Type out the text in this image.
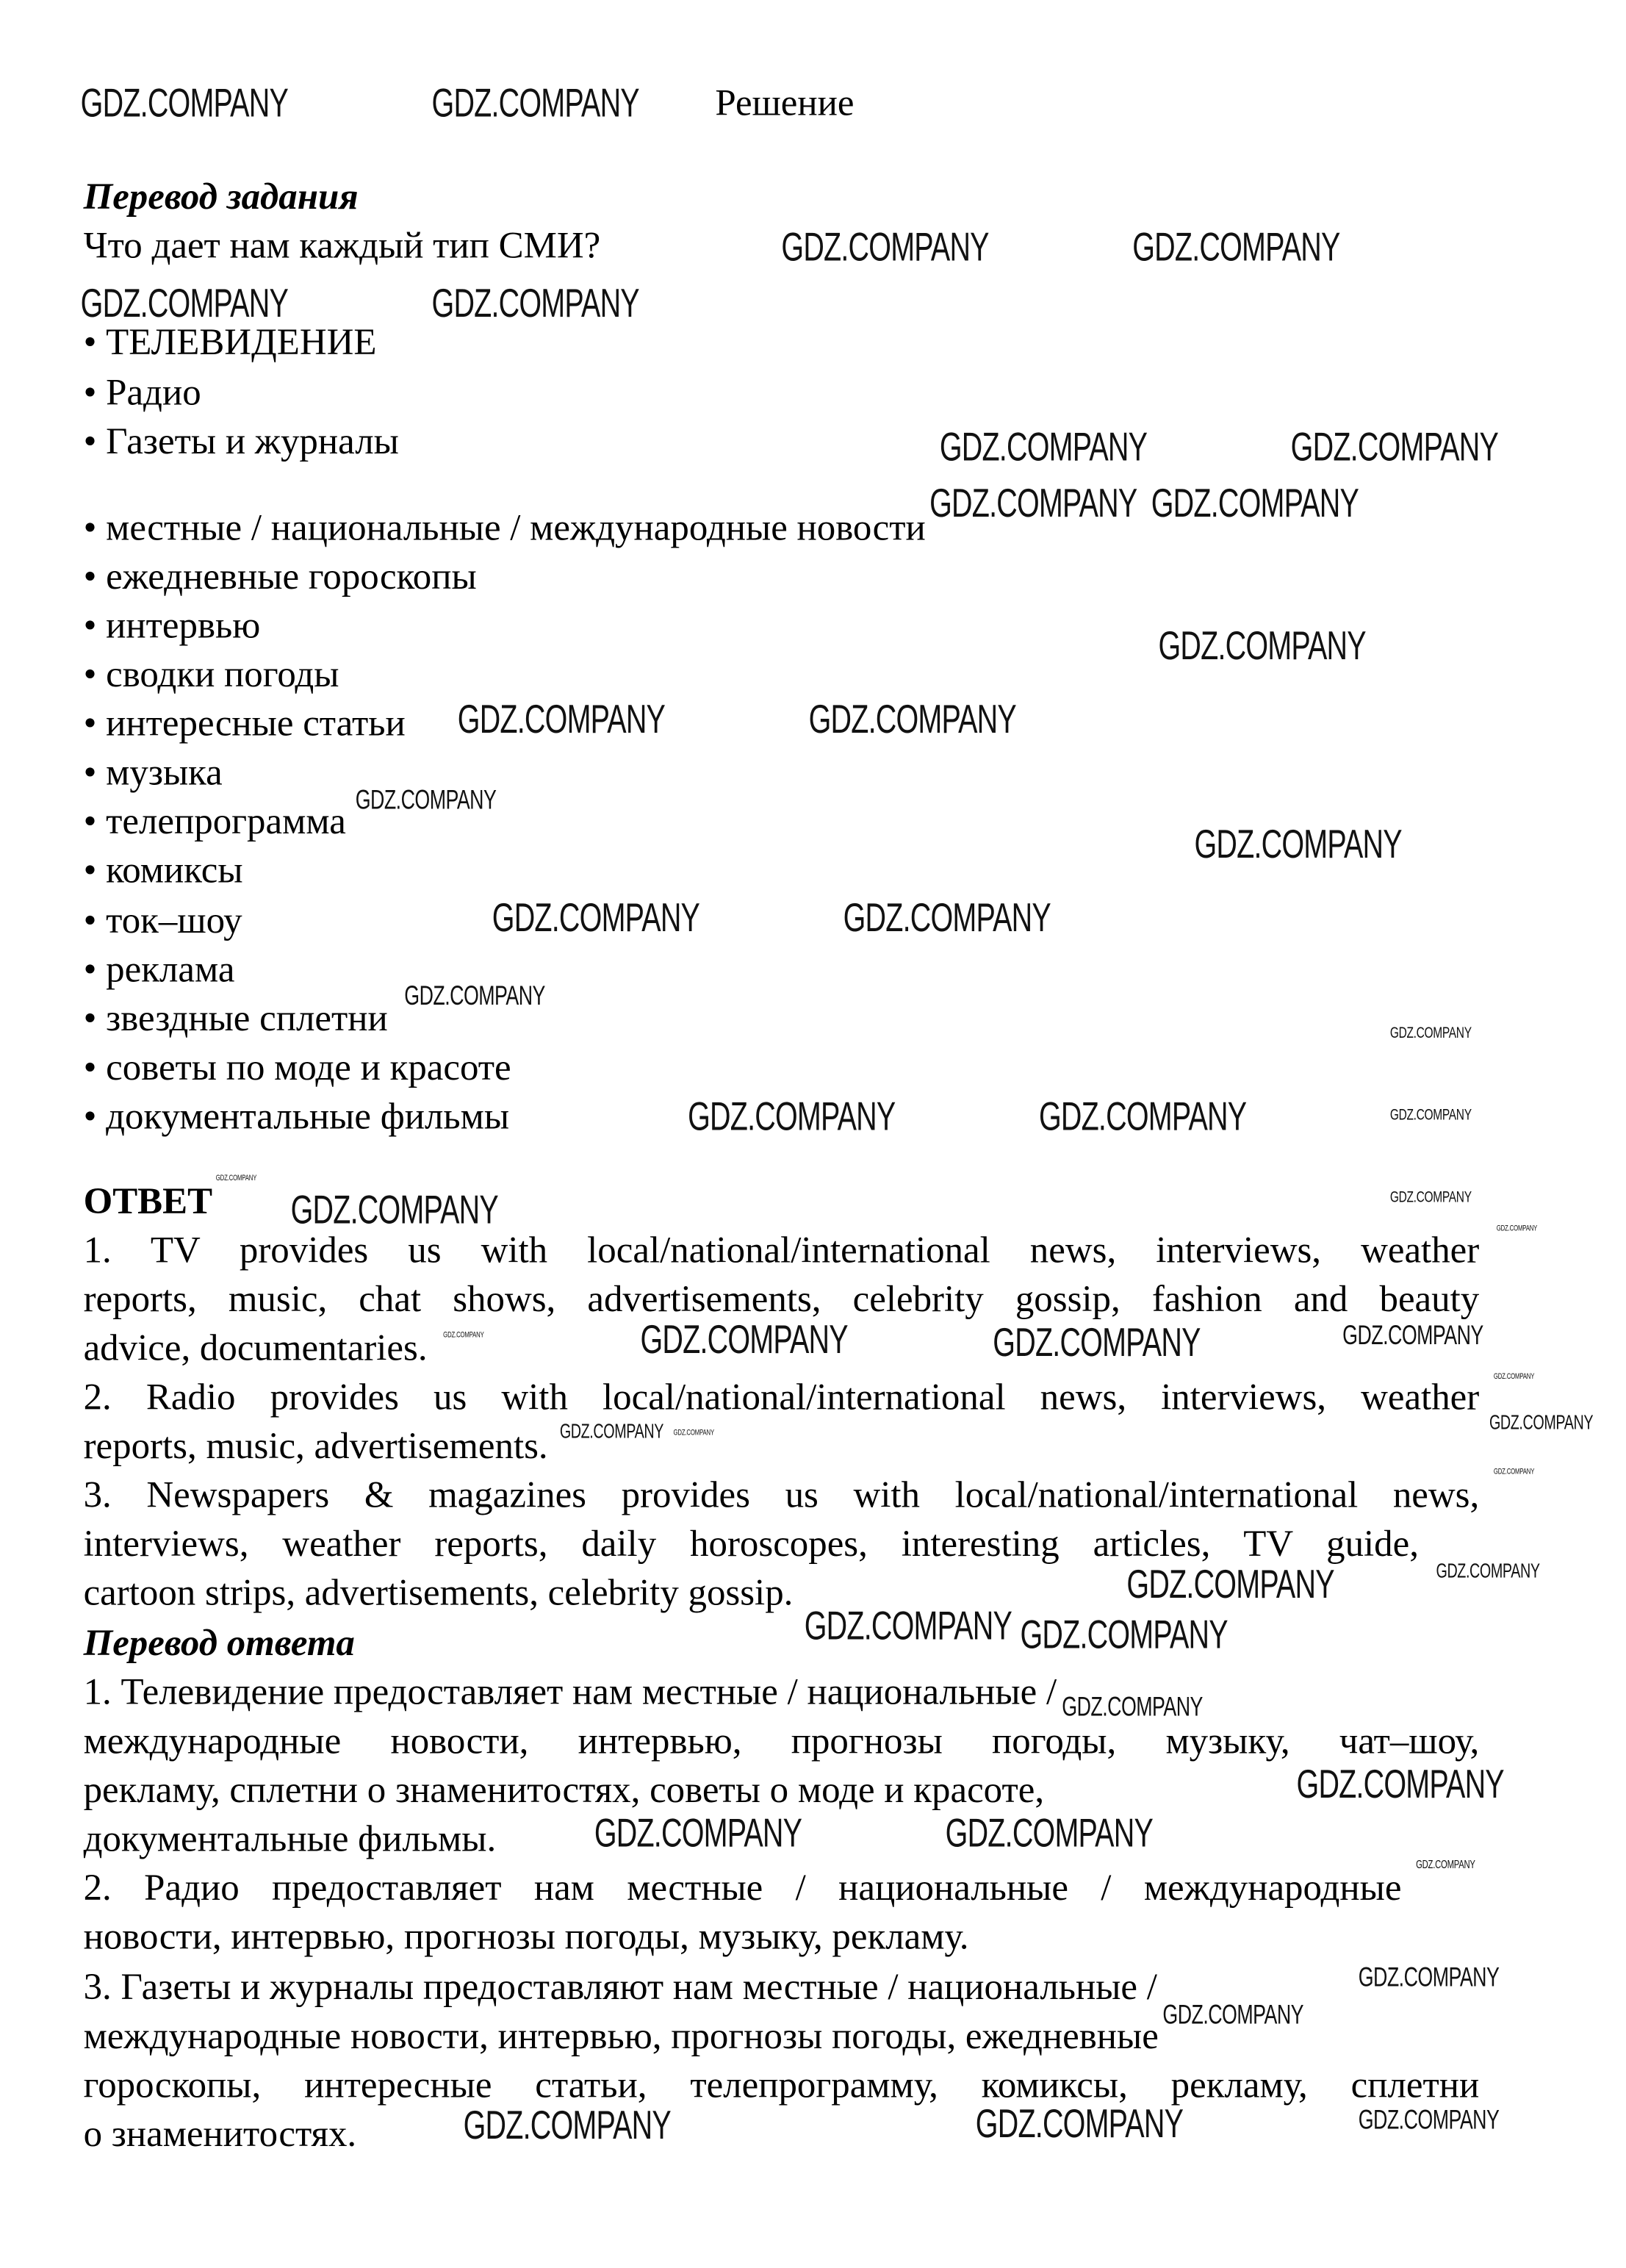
GDZ.COMPANY	GDZ.COMPANY
GDZ.COMPANY	GDZ.COMPANY
GDZ.COMPANY	GDZ.COMPANY
GDZ.COMPANY	GDZ.COMPANY
GDZ.COMPANY GDZ.COMPANY
GDZ.COMPANY
GDZ.COMPANY	GDZ.COMPANY
GDZ.COMPANY
GDZ.COMPANY	GDZ.COMPANY
GDZ.COMPANY	GDZ.COMPANY
GDZ.COMPANY
GDZ.COMPANY	GDZ.COMPANY
GDZ.COMPANY
GDZ.COMPANY GDZ.COMPANY
GDZ.COMPANY
GDZ.COMPANY	GDZ.COMPANY
GDZ.COMPANY	GDZ.COMPANY
GDZ.COMPANY
GDZ.COMPANY
GDZ.COMPANY
GDZ.COMPANY	GDZ.COMPANY
GDZ.COMPANY
GDZ.COMPANY
GDZ.COMPANY
GDZ.COMPANY
GDZ.COMPANY
GDZ.COMPANY
GDZ.COMPANY
GDZ.COMPANY
GDZ.COMPANY
GDZ.COMPANY
GDZ.COMPANY
GDZ.COMPANY
GDZ.COMPANY
GDZ.COMPANY
GDZ.COMPANY
Решение
Перевод задания
Что дает нам каждый тип СМИ?
• ТЕЛЕВИДЕНИЕ
• Радио
• Газеты и журналы
• местные / национальные / международные новости
• ежедневные гороскопы
• интервью
• сводки погоды
• интересные статьи
• музыка
• телепрограмма
• комиксы
• ток–шоу
• реклама
• звездные сплетни
• советы по моде и красоте
• документальные фильмы
ОТВЕТ
1. TV provides us with local/national/international news, interviews, weather
reports, music, chat shows, advertisements, celebrity gossip, fashion and beauty
advice, documentaries.
2. Radio provides us with local/national/international news, interviews, weather
reports, music, advertisements.
3. Newspapers & magazines provides us with local/national/international news,
interviews, weather reports, daily horoscopes, interesting articles, TV guide,
cartoon strips, advertisements, celebrity gossip.
Перевод ответа
1. Телевидение предоставляет нам местные / национальные /
международные новости, интервью, прогнозы погоды, музыку, чат–шоу,
рекламу, сплетни о знаменитостях, советы о моде и красоте,
документальные фильмы.
2. Радио предоставляет нам местные / национальные / международные
новости, интервью, прогнозы погоды, музыку, рекламу.
3. Газеты и журналы предоставляют нам местные / национальные /
международные новости, интервью, прогнозы погоды, ежедневные
гороскопы, интересные статьи, телепрограмму, комиксы, рекламу, сплетни
о знаменитостях.
